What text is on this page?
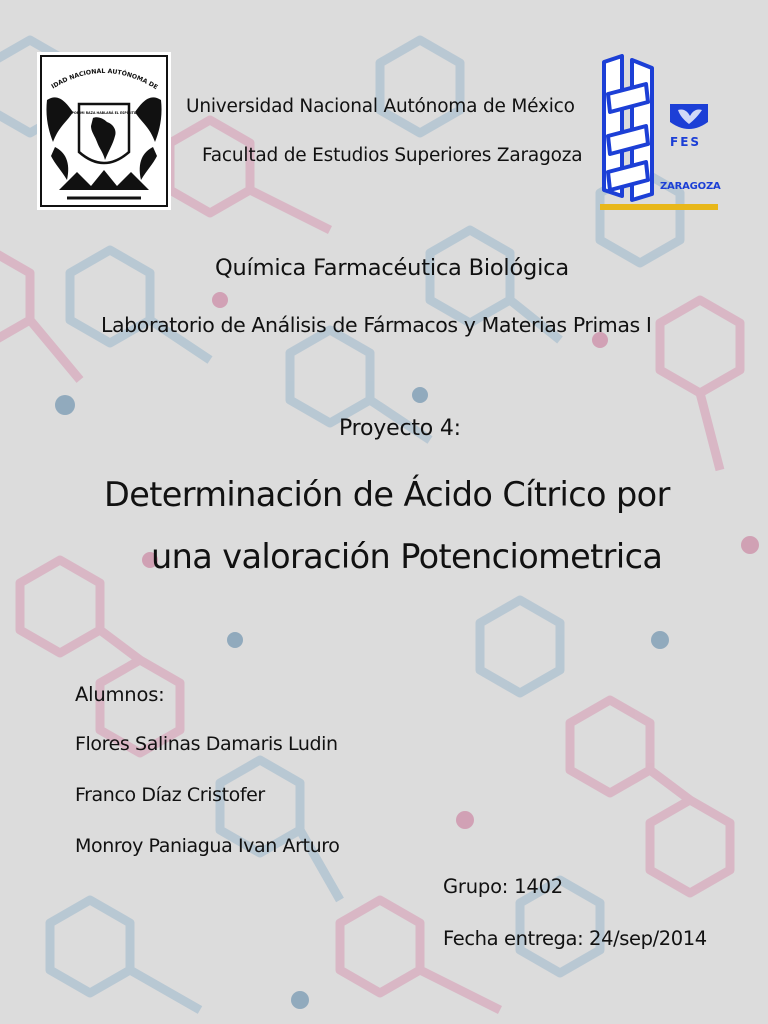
IDAD NACIONAL AUTÓNOMA DE
POR MI RAZA HABLARÁ EL ESPÍRITU
FES
ZARAGOZA
Universidad Nacional Autónoma de México
Facultad de Estudios Superiores Zaragoza
Química Farmacéutica Biológica
Laboratorio de Análisis de Fármacos y Materias Primas I
Proyecto 4:
Determinación de Ácido Cítrico por
una valoración Potenciometrica
Alumnos:
Flores Salinas Damaris Ludin
Franco Díaz Cristofer
Monroy Paniagua Ivan Arturo
Grupo: 1402
Fecha entrega: 24/sep/2014
